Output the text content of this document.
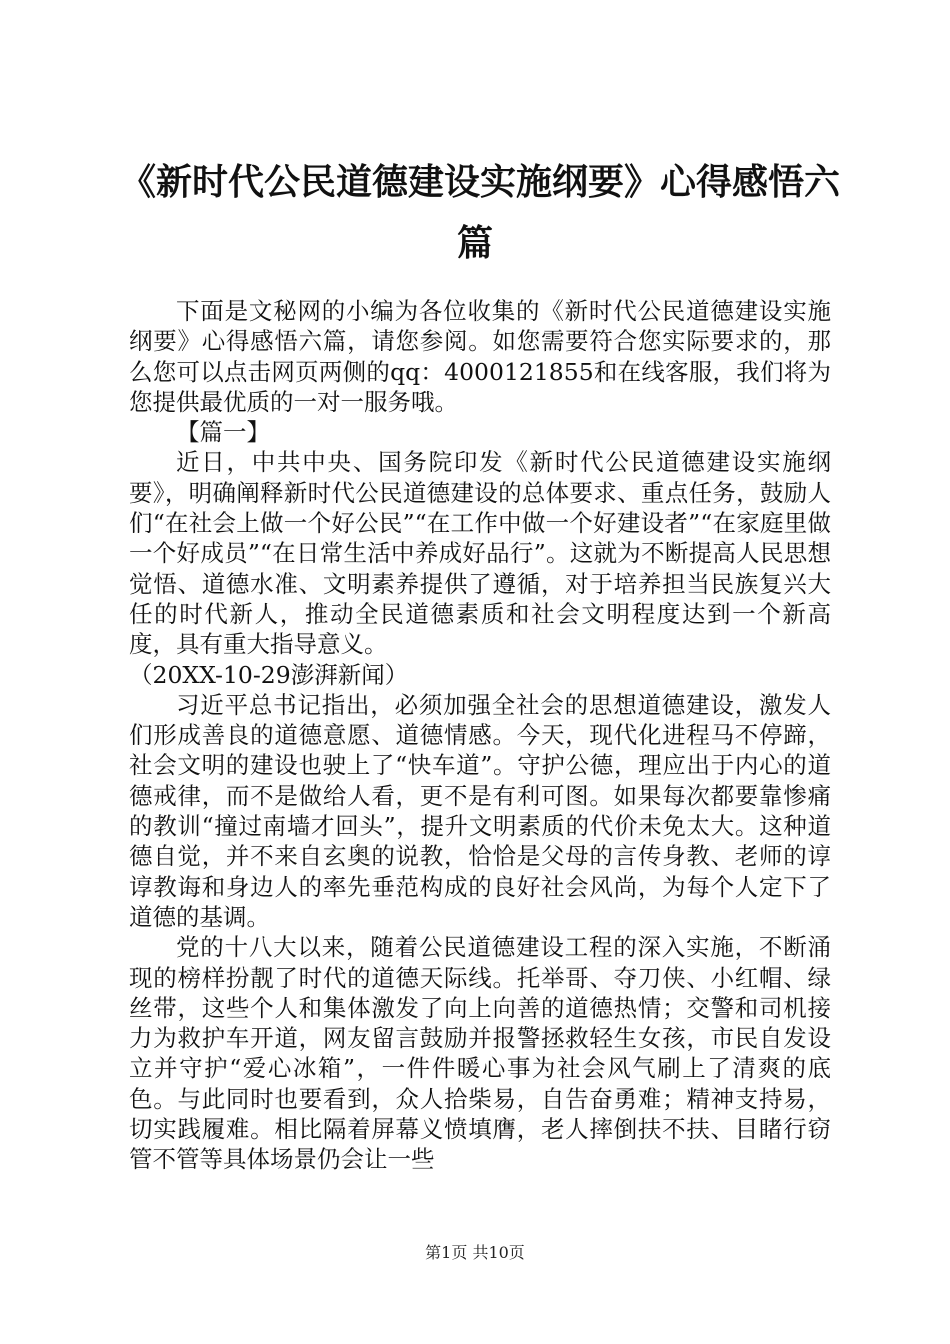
《新时代公民道德建设实施纲要》心得感悟六
篇

下面是文秘网的小编为各位收集的《新时代公民道德建设实施纲要》心得感悟六篇，请您参阅。如您需要符合您实际要求的，那么您可以点击网页两侧的qq：4000121855和在线客服，我们将为您提供最优质的一对一服务哦。

【篇一】

近日，中共中央、国务院印发《新时代公民道德建设实施纲要》，明确阐释新时代公民道德建设的总体要求、重点任务，鼓励人们“在社会上做一个好公民”“在工作中做一个好建设者”“在家庭里做一个好成员”“在日常生活中养成好品行”。这就为不断提高人民思想觉悟、道德水准、文明素养提供了遵循，对于培养担当民族复兴大任的时代新人，推动全民道德素质和社会文明程度达到一个新高度，具有重大指导意义。

（20XX-10-29澎湃新闻）

习近平总书记指出，必须加强全社会的思想道德建设，激发人们形成善良的道德意愿、道德情感。今天，现代化进程马不停蹄，社会文明的建设也驶上了“快车道”。守护公德，理应出于内心的道德戒律，而不是做给人看，更不是有利可图。如果每次都要靠惨痛的教训“撞过南墙才回头”，提升文明素质的代价未免太大。这种道德自觉，并不来自玄奥的说教，恰恰是父母的言传身教、老师的谆谆教诲和身边人的率先垂范构成的良好社会风尚，为每个人定下了道德的基调。

党的十八大以来，随着公民道德建设工程的深入实施，不断涌现的榜样扮靓了时代的道德天际线。托举哥、夺刀侠、小红帽、绿丝带，这些个人和集体激发了向上向善的道德热情；交警和司机接力为救护车开道，网友留言鼓励并报警拯救轻生女孩，市民自发设立并守护“爱心冰箱”，一件件暖心事为社会风气刷上了清爽的底色。与此同时也要看到，众人拾柴易，自告奋勇难；精神支持易，切实践履难。相比隔着屏幕义愤填膺，老人摔倒扶不扶、目睹行窃管不管等具体场景仍会让一些

第1页 共10页
